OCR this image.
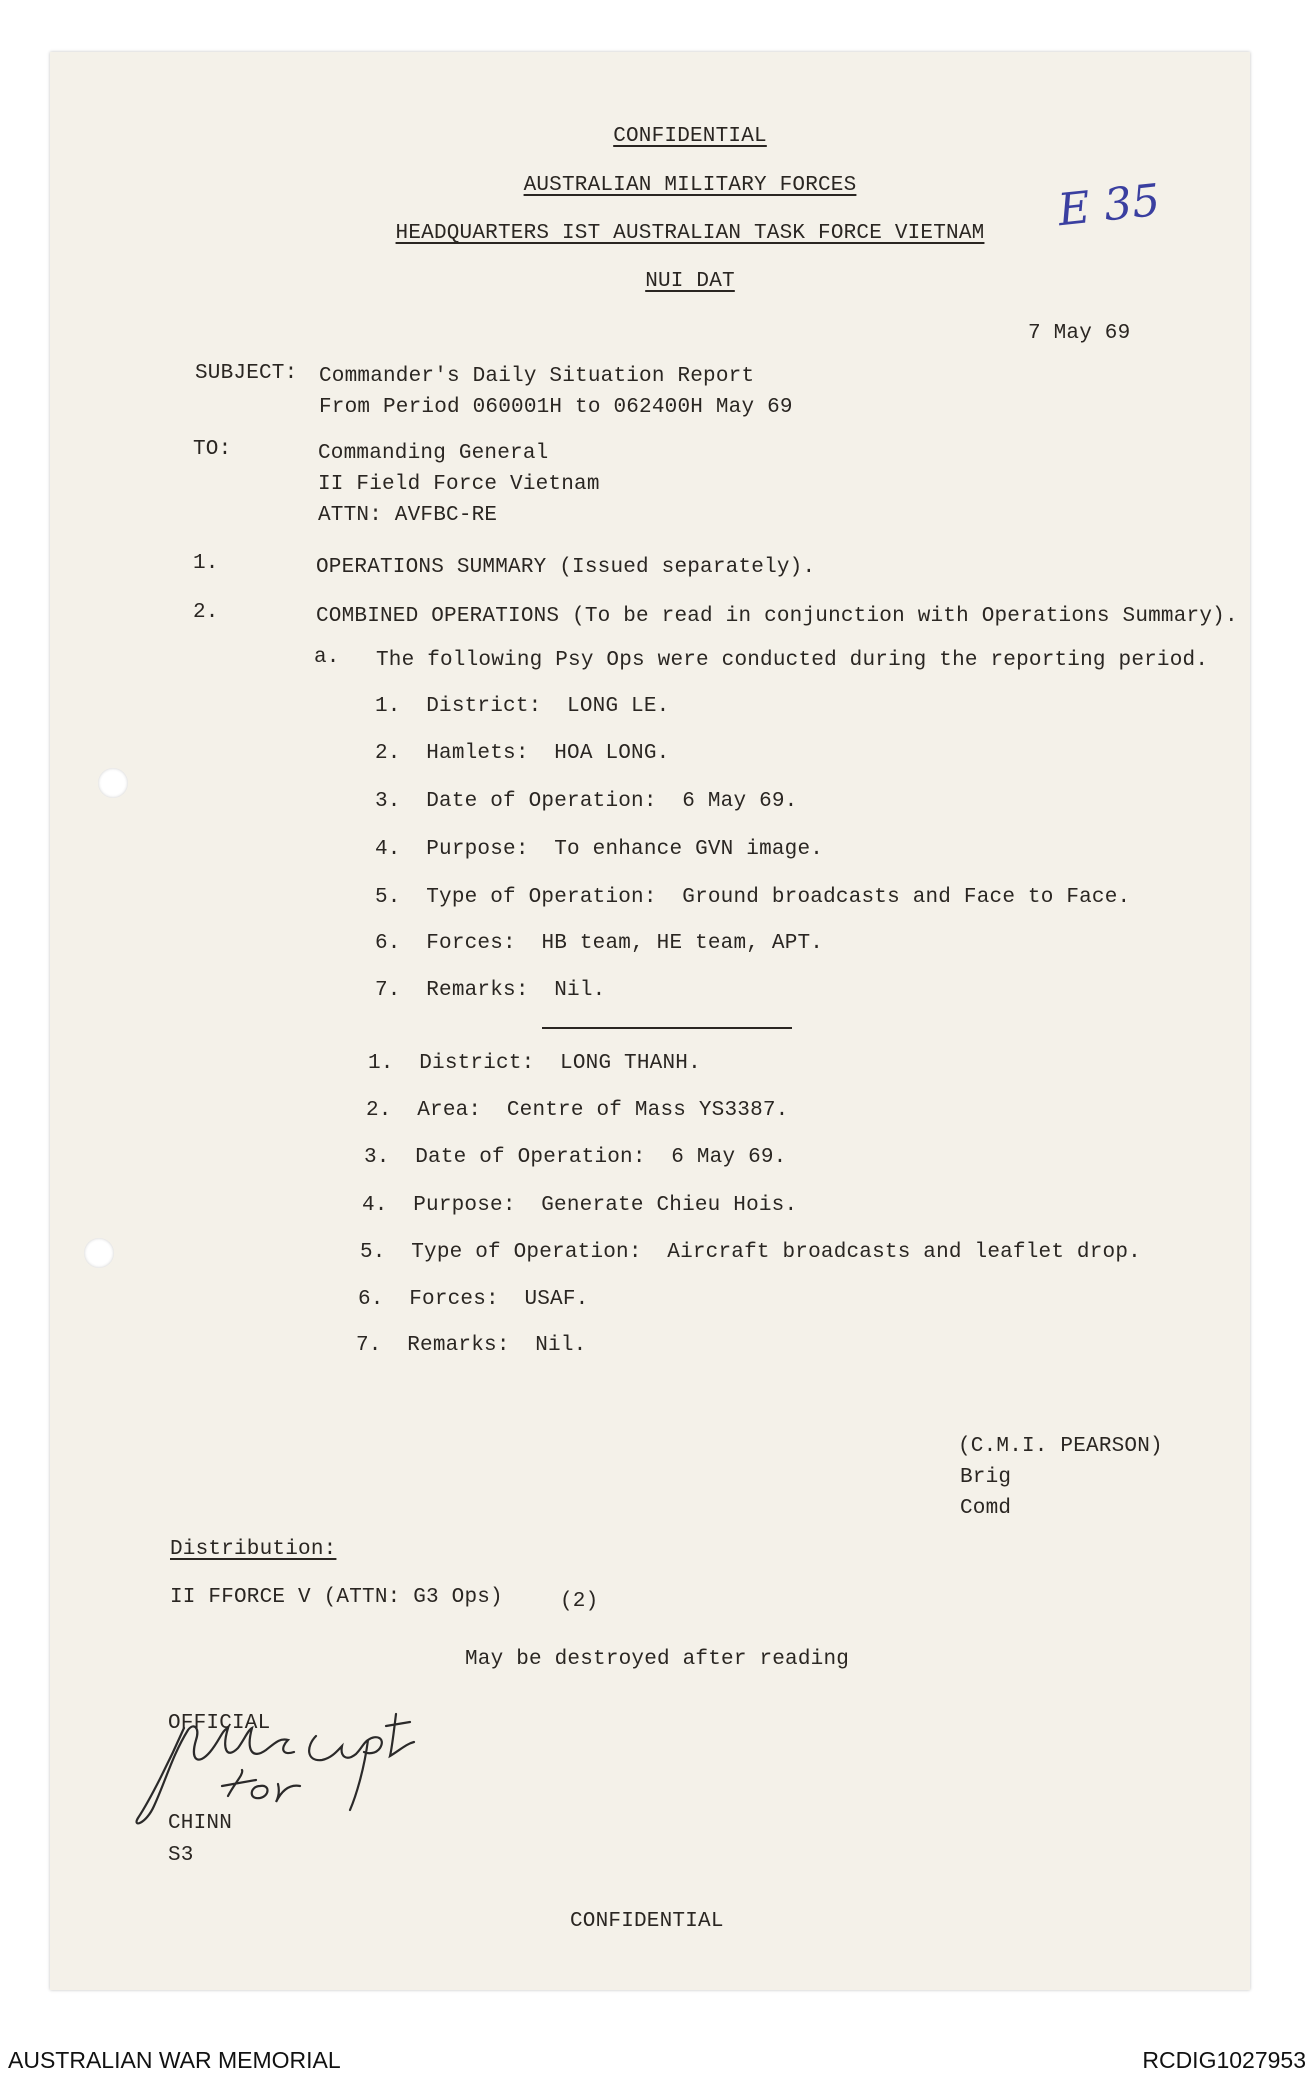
CONFIDENTIAL
AUSTRALIAN MILITARY FORCES
HEADQUARTERS IST AUSTRALIAN TASK FORCE VIETNAM
NUI DAT
7 May 69
SUBJECT: Commander's Daily Situation Report
From Period 060001H to 062400H May 69
TO:	Commanding General
II Field Force Vietnam
ATTN: AVFBC-RE
1.	OPERATIONS SUMMARY (Issued separately).
2.	COMBINED OPERATIONS (To be read in conjunction with Operations Summary).
a. The following Psy Ops were conducted during the reporting period.
1. District: LONG LE.
2. Hamlets: HOA LONG.
3. Date of Operation: 6 May 69.
4. Purpose: To enhance GVN image.
5. Type of Operation: Ground broadcasts and Face to Face.
6. Forces: HB team, HE team, APT.
7. Remarks: Nil.
1. District: LONG THANH.
2. Area: Centre of Mass YS3387.
3. Date of Operation: 6 May 69.
4. Purpose: Generate Chieu Hois.
5. Type of Operation: Aircraft broadcasts and leaflet drop.
6. Forces: USAF.
7. Remarks: Nil.
(C.M.I. PEARSON)
Brig
Comd
Distribution:
II FFORCE V (ATTN: G3 Ops)	(2)
May be destroyed after reading
OFFICIAL
CHINN
S3
CONFIDENTIAL
E 35
AUSTRALIAN WAR MEMORIAL	RCDIG1027953
